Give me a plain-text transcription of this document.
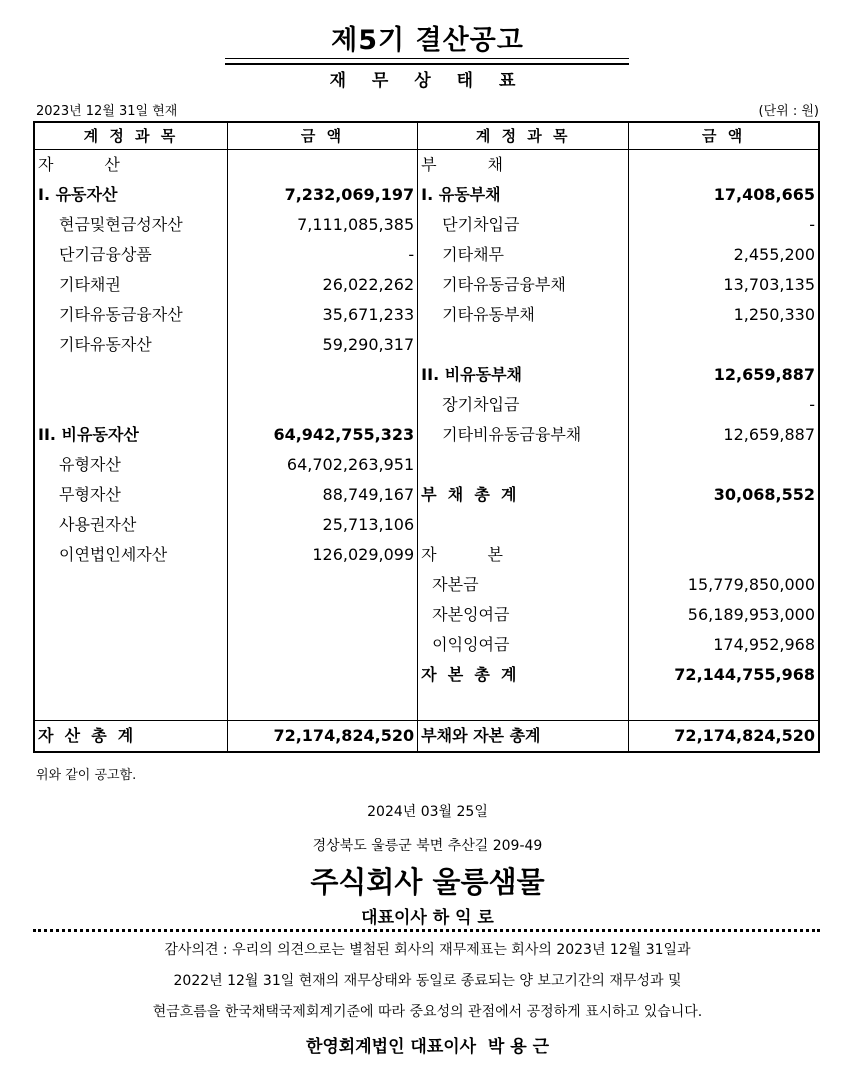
제5기 결산공고
재 무 상 태 표
2023년 12월 31일 현재	(단위 : 원)
계 정 과 목	금 액	계 정 과 목	금 액
자          산		부          채	
I. 유동자산	7,232,069,197	I. 유동부채	17,408,665
현금및현금성자산	7,111,085,385	단기차입금	-
단기금융상품	-	기타채무	2,455,200
기타채권	26,022,262	기타유동금융부채	13,703,135
기타유동금융자산	35,671,233	기타유동부채	1,250,330
기타유동자산	59,290,317		
		II. 비유동부채	12,659,887
		장기차입금	-
II. 비유동자산	64,942,755,323	기타비유동금융부채	12,659,887
유형자산	64,702,263,951		
무형자산	88,749,167	부  채  총  계	30,068,552
사용권자산	25,713,106		
이연법인세자산	126,029,099	자          본	
		자본금	15,779,850,000
		자본잉여금	56,189,953,000
		이익잉여금	174,952,968
		자  본  총  계	72,144,755,968

자  산  총  계	72,174,824,520	부채와 자본 총계	72,174,824,520
위와 같이 공고함.
2024년 03월 25일
경상북도 울릉군 북면 추산길 209-49
주식회사 울릉샘물
대표이사 하 익 로
감사의견 : 우리의 의견으로는 별첨된 회사의 재무제표는 회사의 2023년 12월 31일과
2022년 12월 31일 현재의 재무상태와 동일로 종료되는 양 보고기간의 재무성과 및
현금흐름을 한국채택국제회계기준에 따라 중요성의 관점에서 공정하게 표시하고 있습니다.
한영회계법인 대표이사  박 용 근
